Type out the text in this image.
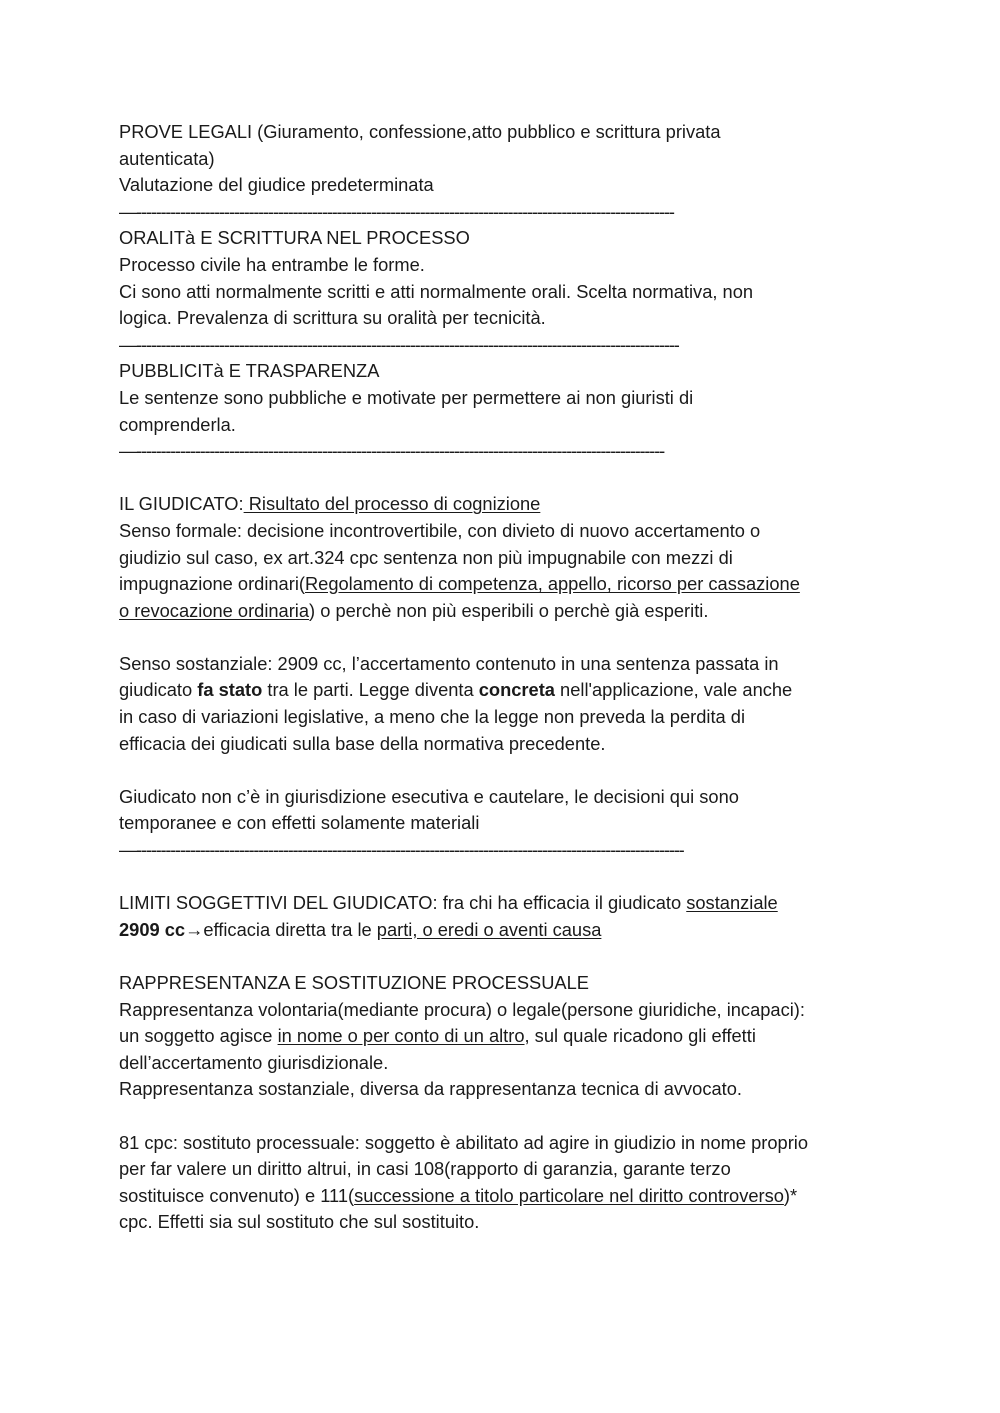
PROVE LEGALI (Giuramento, confessione,atto pubblico e scrittura privata
autenticata)
Valutazione del giudice predeterminata
—--------------------------------------------------------------------------------------------------------------
ORALITà E SCRITTURA NEL PROCESSO
Processo civile ha entrambe le forme.
Ci sono atti normalmente scritti e atti normalmente orali. Scelta normativa, non
logica. Prevalenza di scrittura su oralità per tecnicità.
—---------------------------------------------------------------------------------------------------------------
PUBBLICITà E TRASPARENZA
Le sentenze sono pubbliche e motivate per permettere ai non giuristi di
comprenderla.
—------------------------------------------------------------------------------------------------------------
IL GIUDICATO: Risultato del processo di cognizione
Senso formale: decisione incontrovertibile, con divieto di nuovo accertamento o
giudizio sul caso, ex art.324 cpc sentenza non più impugnabile con mezzi di
impugnazione ordinari(Regolamento di competenza, appello, ricorso per cassazione
o revocazione ordinaria) o perchè non più esperibili o perchè già esperiti.
Senso sostanziale: 2909 cc, l’accertamento contenuto in una sentenza passata in
giudicato fa stato tra le parti. Legge diventa concreta nell'applicazione, vale anche
in caso di variazioni legislative, a meno che la legge non preveda la perdita di
efficacia dei giudicati sulla base della normativa precedente.
Giudicato non c’è in giurisdizione esecutiva e cautelare, le decisioni qui sono
temporanee e con effetti solamente materiali
—----------------------------------------------------------------------------------------------------------------
LIMITI SOGGETTIVI DEL GIUDICATO: fra chi ha efficacia il giudicato sostanziale
2909 cc→efficacia diretta tra le parti, o eredi o aventi causa
RAPPRESENTANZA E SOSTITUZIONE PROCESSUALE
Rappresentanza volontaria(mediante procura) o legale(persone giuridiche, incapaci):
un soggetto agisce in nome o per conto di un altro, sul quale ricadono gli effetti
dell’accertamento giurisdizionale.
Rappresentanza sostanziale, diversa da rappresentanza tecnica di avvocato.
81 cpc: sostituto processuale: soggetto è abilitato ad agire in giudizio in nome proprio
per far valere un diritto altrui, in casi 108(rapporto di garanzia, garante terzo
sostituisce convenuto) e 111(successione a titolo particolare nel diritto controverso)*
cpc. Effetti sia sul sostituto che sul sostituito.
